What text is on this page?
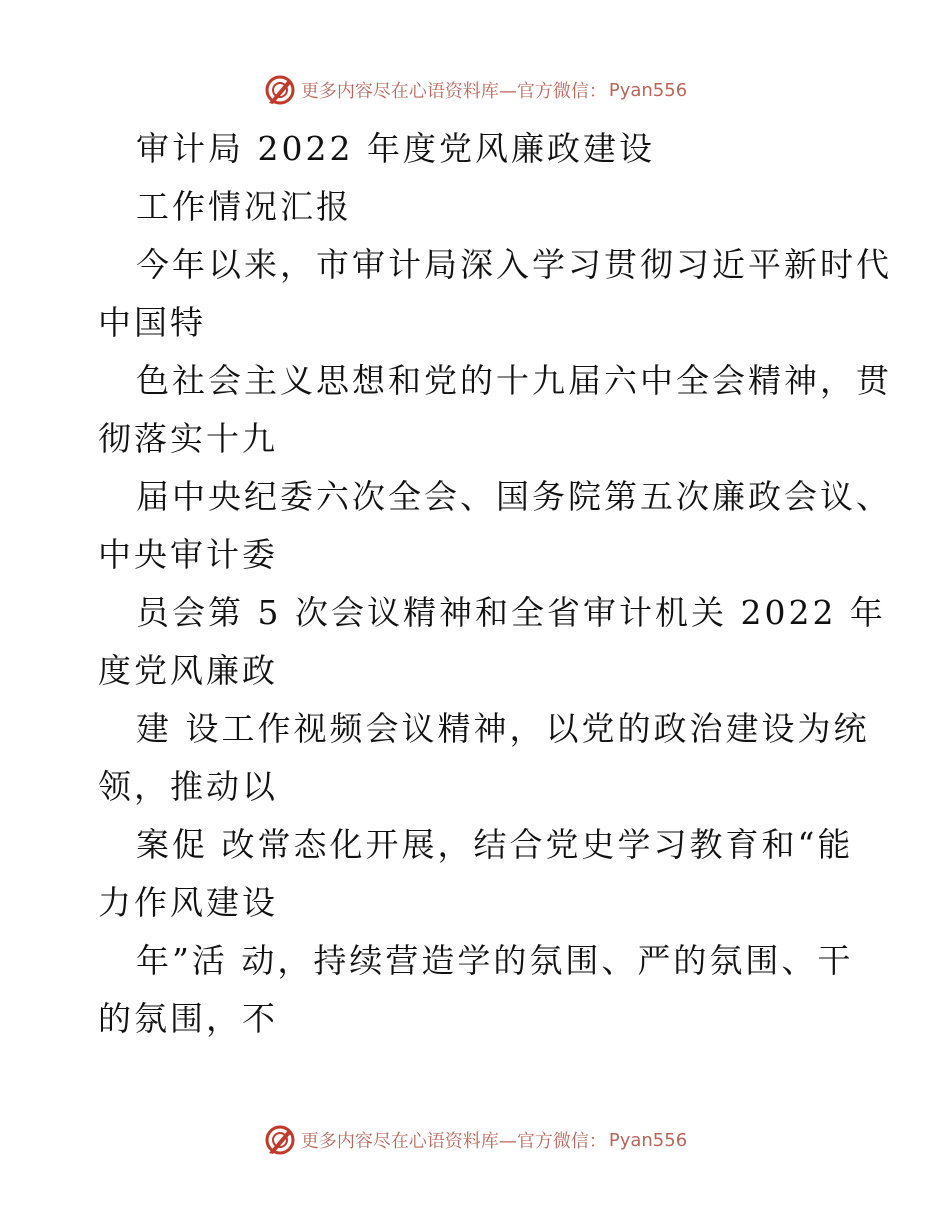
更多内容尽在心语资料库—官方微信： Pyan556
审计局 2022 年度党风廉政建设
工作情况汇报
今年以来，市审计局深入学习贯彻习近平新时代
中国特
色社会主义思想和党的十九届六中全会精神，贯
彻落实十九
届中央纪委六次全会、国务院第五次廉政会议、
中央审计委
员会第 5 次会议精神和全省审计机关 2022 年
度党风廉政
建 设工作视频会议精神，以党的政治建设为统
领，推动以
案促 改常态化开展，结合党史学习教育和“能
力作风建设
年”活 动，持续营造学的氛围、严的氛围、干
的氛围，不
更多内容尽在心语资料库—官方微信： Pyan556
